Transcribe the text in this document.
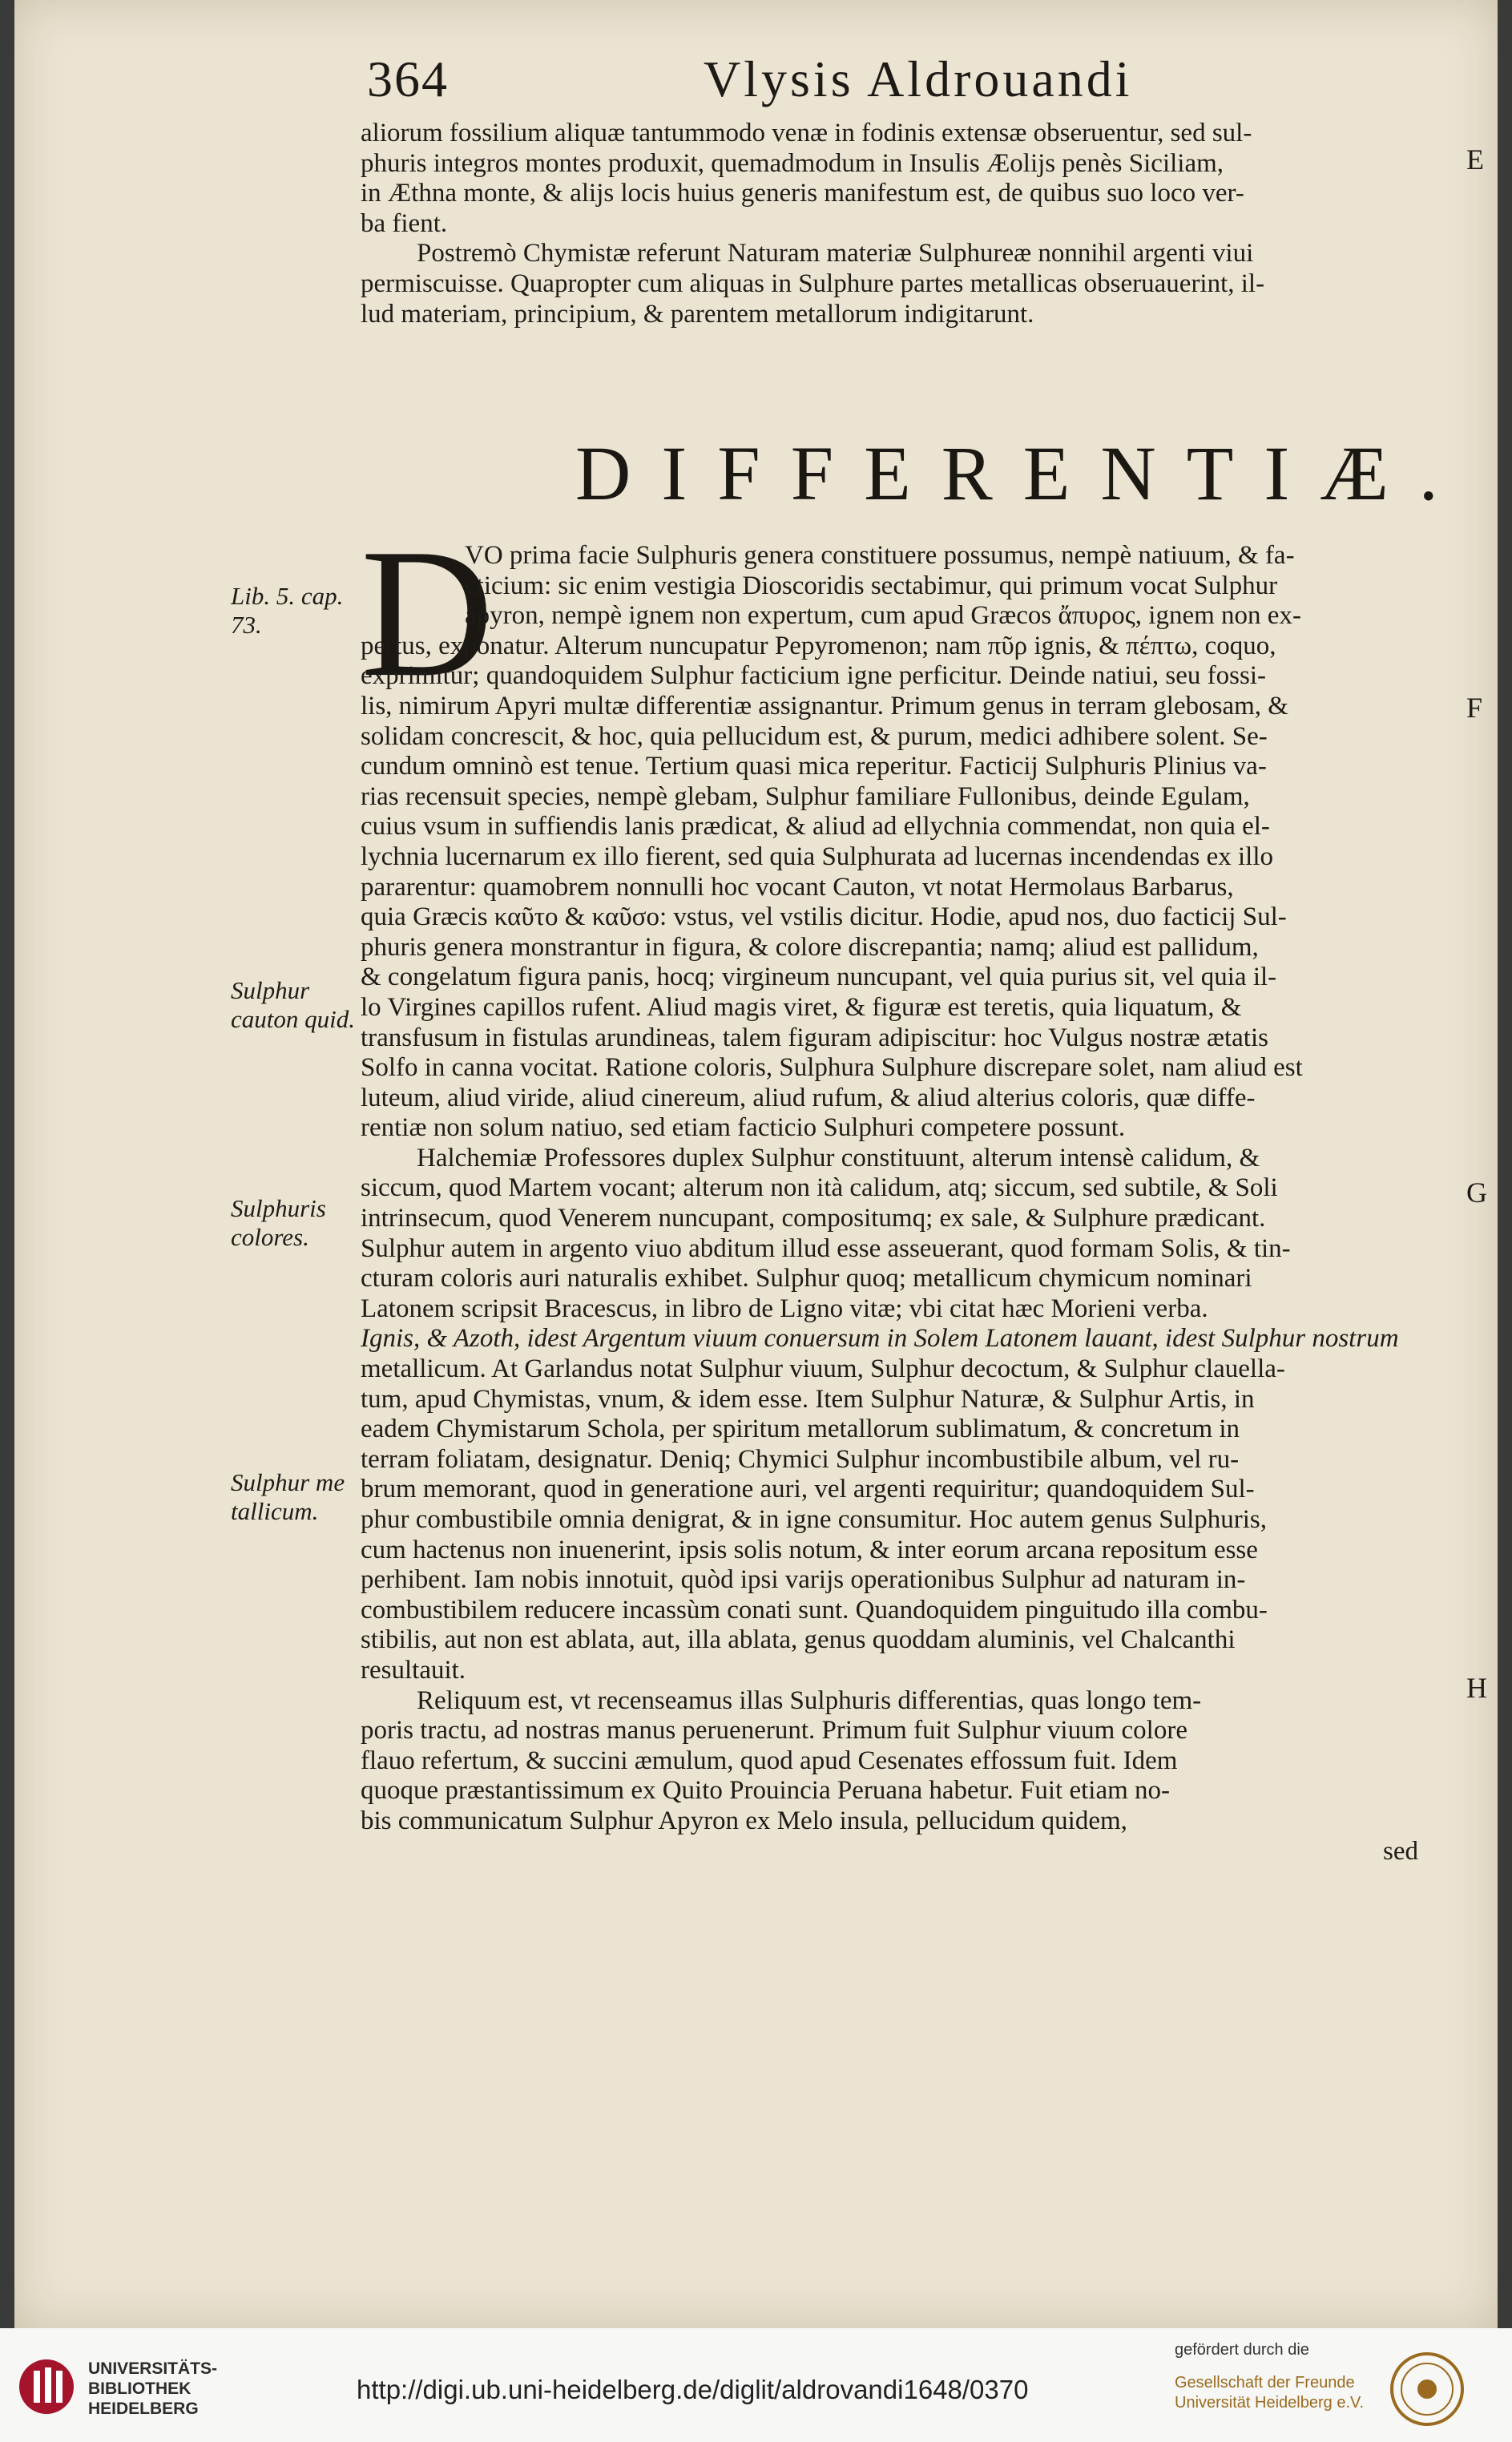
364	Vlysis Aldrouandi
aliorum fossilium aliquæ tantummodo venæ in fodinis extensæ obseruentur, sed sul-
phuris integros montes produxit, quemadmodum in Insulis Æolijs penès Siciliam,
in Æthna monte, & alijs locis huius generis manifestum est, de quibus suo loco ver-
ba fient.
Postremò Chymistæ referunt Naturam materiæ Sulphureæ nonnihil argenti viui
permiscuisse. Quapropter cum aliquas in Sulphure partes metallicas obseruauerint, il-
lud materiam, principium, & parentem metallorum indigitarunt.
DIFFERENTIÆ.
D
VO prima facie Sulphuris genera constituere possumus, nempè natiuum, & fa-
cticium: sic enim vestigia Dioscoridis sectabimur, qui primum vocat Sulphur
apyron, nempè ignem non expertum, cum apud Græcos ἄπυρος, ignem non ex-
pertus, exponatur. Alterum nuncupatur Pepyromenon; nam πῦρ ignis, & πέπτω, coquo,
exprimitur; quandoquidem Sulphur facticium igne perficitur. Deinde natiui, seu fossi-
lis, nimirum Apyri multæ differentiæ assignantur. Primum genus in terram glebosam, &
solidam concrescit, & hoc, quia pellucidum est, & purum, medici adhibere solent. Se-
cundum omninò est tenue. Tertium quasi mica reperitur. Facticij Sulphuris Plinius va-
rias recensuit species, nempè glebam, Sulphur familiare Fullonibus, deinde Egulam,
cuius vsum in suffiendis lanis prædicat, & aliud ad ellychnia commendat, non quia el-
lychnia lucernarum ex illo fierent, sed quia Sulphurata ad lucernas incendendas ex illo
pararentur: quamobrem nonnulli hoc vocant Cauton, vt notat Hermolaus Barbarus,
quia Græcis καῦτο & καῦσο: vstus, vel vstilis dicitur. Hodie, apud nos, duo facticij Sul-
phuris genera monstrantur in figura, & colore discrepantia; namq; aliud est pallidum,
& congelatum figura panis, hocq; virgineum nuncupant, vel quia purius sit, vel quia il-
lo Virgines capillos rufent. Aliud magis viret, & figuræ est teretis, quia liquatum, &
transfusum in fistulas arundineas, talem figuram adipiscitur: hoc Vulgus nostræ ætatis
Solfo in canna vocitat. Ratione coloris, Sulphura Sulphure discrepare solet, nam aliud est
luteum, aliud viride, aliud cinereum, aliud rufum, & aliud alterius coloris, quæ diffe-
rentiæ non solum natiuo, sed etiam facticio Sulphuri competere possunt.
Halchemiæ Professores duplex Sulphur constituunt, alterum intensè calidum, &
siccum, quod Martem vocant; alterum non ità calidum, atq; siccum, sed subtile, & Soli
intrinsecum, quod Venerem nuncupant, compositumq; ex sale, & Sulphure prædicant.
Sulphur autem in argento viuo abditum illud esse asseuerant, quod formam Solis, & tin-
cturam coloris auri naturalis exhibet. Sulphur quoq; metallicum chymicum nominari
Latonem scripsit Bracescus, in libro de Ligno vitæ; vbi citat hæc Morieni verba.
Ignis, & Azoth, idest Argentum viuum conuersum in Solem Latonem lauant, idest Sulphur nostrum
metallicum. At Garlandus notat Sulphur viuum, Sulphur decoctum, & Sulphur clauella-
tum, apud Chymistas, vnum, & idem esse. Item Sulphur Naturæ, & Sulphur Artis, in
eadem Chymistarum Schola, per spiritum metallorum sublimatum, & concretum in
terram foliatam, designatur. Deniq; Chymici Sulphur incombustibile album, vel ru-
brum memorant, quod in generatione auri, vel argenti requiritur; quandoquidem Sul-
phur combustibile omnia denigrat, & in igne consumitur. Hoc autem genus Sulphuris,
cum hactenus non inuenerint, ipsis solis notum, & inter eorum arcana repositum esse
perhibent. Iam nobis innotuit, quòd ipsi varijs operationibus Sulphur ad naturam in-
combustibilem reducere incassùm conati sunt. Quandoquidem pinguitudo illa combu-
stibilis, aut non est ablata, aut, illa ablata, genus quoddam aluminis, vel Chalcanthi
resultauit.
Reliquum est, vt recenseamus illas Sulphuris differentias, quas longo tem-
poris tractu, ad nostras manus peruenerunt. Primum fuit Sulphur viuum colore
flauo refertum, & succini æmulum, quod apud Cesenates effossum fuit. Idem
quoque præstantissimum ex Quito Prouincia Peruana habetur. Fuit etiam no-
bis communicatum Sulphur Apyron ex Melo insula, pellucidum quidem,
sed
Lib. 5. cap. 73.
Sulphur cauton quid.
Sulphuris colores.
Sulphur me tallicum.
E
F
G
H
UNIVERSITÄTS-
BIBLIOTHEK
HEIDELBERG
http://digi.ub.uni-heidelberg.de/diglit/aldrovandi1648/0370
gefördert durch die
Gesellschaft der Freunde
Universität Heidelberg e.V.
